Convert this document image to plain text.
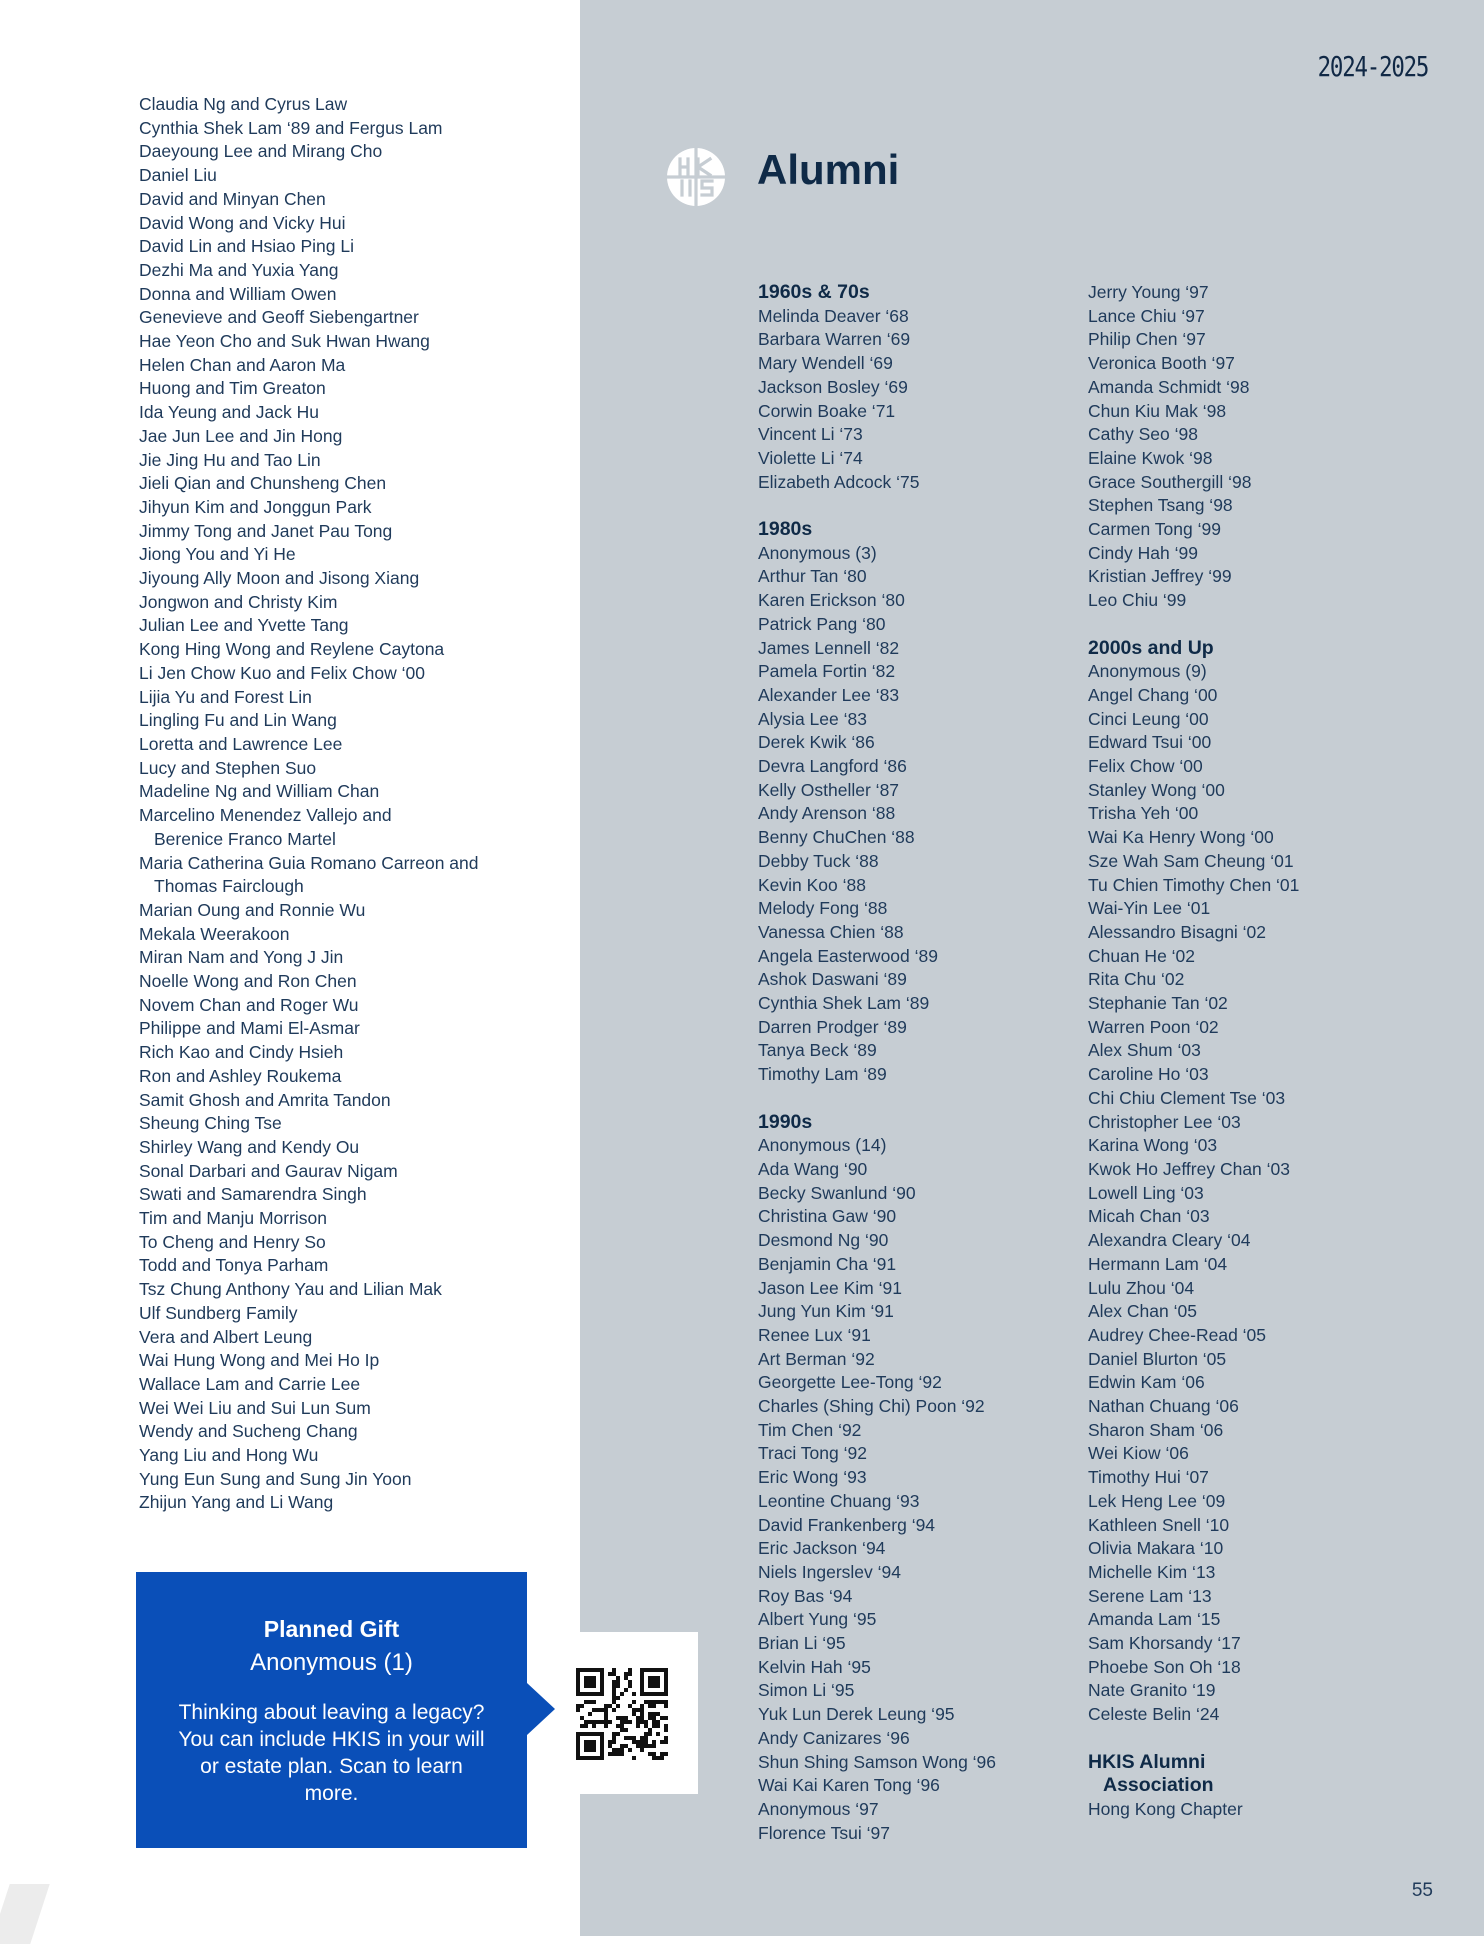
Claudia Ng and Cyrus Law
Cynthia Shek Lam ‘89 and Fergus Lam
Daeyoung Lee and Mirang Cho
Daniel Liu
David and Minyan Chen
David Wong and Vicky Hui
David Lin and Hsiao Ping Li
Dezhi Ma and Yuxia Yang
Donna and William Owen
Genevieve and Geoff Siebengartner
Hae Yeon Cho and Suk Hwan Hwang
Helen Chan and Aaron Ma
Huong and Tim Greaton
Ida Yeung and Jack Hu
Jae Jun Lee and Jin Hong
Jie Jing Hu and Tao Lin
Jieli Qian and Chunsheng Chen
Jihyun Kim and Jonggun Park
Jimmy Tong and Janet Pau Tong
Jiong You and Yi He
Jiyoung Ally Moon and Jisong Xiang
Jongwon and Christy Kim
Julian Lee and Yvette Tang
Kong Hing Wong and Reylene Caytona
Li Jen Chow Kuo and Felix Chow ‘00
Lijia Yu and Forest Lin
Lingling Fu and Lin Wang
Loretta and Lawrence Lee
Lucy and Stephen Suo
Madeline Ng and William Chan
Marcelino Menendez Vallejo and
Berenice Franco Martel
Maria Catherina Guia Romano Carreon and
Thomas Fairclough
Marian Oung and Ronnie Wu
Mekala Weerakoon
Miran Nam and Yong J Jin
Noelle Wong and Ron Chen
Novem Chan and Roger Wu
Philippe and Mami El-Asmar
Rich Kao and Cindy Hsieh
Ron and Ashley Roukema
Samit Ghosh and Amrita Tandon
Sheung Ching Tse
Shirley Wang and Kendy Ou
Sonal Darbari and Gaurav Nigam
Swati and Samarendra Singh
Tim and Manju Morrison
To Cheng and Henry So
Todd and Tonya Parham
Tsz Chung Anthony Yau and Lilian Mak
Ulf Sundberg Family
Vera and Albert Leung
Wai Hung Wong and Mei Ho Ip
Wallace Lam and Carrie Lee
Wei Wei Liu and Sui Lun Sum
Wendy and Sucheng Chang
Yang Liu and Hong Wu
Yung Eun Sung and Sung Jin Yoon
Zhijun Yang and Li Wang
2024-2025
Alumni
1960s & 70s
Melinda Deaver ‘68
Barbara Warren ‘69
Mary Wendell ‘69
Jackson Bosley ‘69
Corwin Boake ‘71
Vincent Li ‘73
Violette Li ‘74
Elizabeth Adcock ‘75
1980s
Anonymous (3)
Arthur Tan ‘80
Karen Erickson ‘80
Patrick Pang ‘80
James Lennell ‘82
Pamela Fortin ‘82
Alexander Lee ‘83
Alysia Lee ‘83
Derek Kwik ‘86
Devra Langford ‘86
Kelly Ostheller ‘87
Andy Arenson ‘88
Benny ChuChen ‘88
Debby Tuck ‘88
Kevin Koo ‘88
Melody Fong ‘88
Vanessa Chien ‘88
Angela Easterwood ‘89
Ashok Daswani ‘89
Cynthia Shek Lam ‘89
Darren Prodger ‘89
Tanya Beck ‘89
Timothy Lam ‘89
1990s
Anonymous (14)
Ada Wang ‘90
Becky Swanlund ‘90
Christina Gaw ‘90
Desmond Ng ‘90
Benjamin Cha ‘91
Jason Lee Kim ‘91
Jung Yun Kim ‘91
Renee Lux ‘91
Art Berman ‘92
Georgette Lee-Tong ‘92
Charles (Shing Chi) Poon ‘92
Tim Chen ‘92
Traci Tong ‘92
Eric Wong ‘93
Leontine Chuang ‘93
David Frankenberg ‘94
Eric Jackson ‘94
Niels Ingerslev ‘94
Roy Bas ‘94
Albert Yung ‘95
Brian Li ‘95
Kelvin Hah ‘95
Simon Li ‘95
Yuk Lun Derek Leung ‘95
Andy Canizares ‘96
Shun Shing Samson Wong ‘96
Wai Kai Karen Tong ‘96
Anonymous ‘97
Florence Tsui ‘97
Jerry Young ‘97
Lance Chiu ‘97
Philip Chen ‘97
Veronica Booth ‘97
Amanda Schmidt ‘98
Chun Kiu Mak ‘98
Cathy Seo ‘98
Elaine Kwok ‘98
Grace Southergill ‘98
Stephen Tsang ‘98
Carmen Tong ‘99
Cindy Hah ‘99
Kristian Jeffrey ‘99
Leo Chiu ‘99
2000s and Up
Anonymous (9)
Angel Chang ‘00
Cinci Leung ‘00
Edward Tsui ‘00
Felix Chow ‘00
Stanley Wong ‘00
Trisha Yeh ‘00
Wai Ka Henry Wong ‘00
Sze Wah Sam Cheung ‘01
Tu Chien Timothy Chen ‘01
Wai-Yin Lee ‘01
Alessandro Bisagni ‘02
Chuan He ‘02
Rita Chu ‘02
Stephanie Tan ‘02
Warren Poon ‘02
Alex Shum ‘03
Caroline Ho ‘03
Chi Chiu Clement Tse ‘03
Christopher Lee ‘03
Karina Wong ‘03
Kwok Ho Jeffrey Chan ‘03
Lowell Ling ‘03
Micah Chan ‘03
Alexandra Cleary ‘04
Hermann Lam ‘04
Lulu Zhou ‘04
Alex Chan ‘05
Audrey Chee-Read ‘05
Daniel Blurton ‘05
Edwin Kam ‘06
Nathan Chuang ‘06
Sharon Sham ‘06
Wei Kiow ‘06
Timothy Hui ‘07
Lek Heng Lee ‘09
Kathleen Snell ‘10
Olivia Makara ‘10
Michelle Kim ‘13
Serene Lam ‘13
Amanda Lam ‘15
Sam Khorsandy ‘17
Phoebe Son Oh ‘18
Nate Granito ‘19
Celeste Belin ‘24
HKIS Alumni
Association
Hong Kong Chapter
Planned Gift
Anonymous (1)
Thinking about leaving a legacy? You can include HKIS in your will or estate plan. Scan to learn more.
55
